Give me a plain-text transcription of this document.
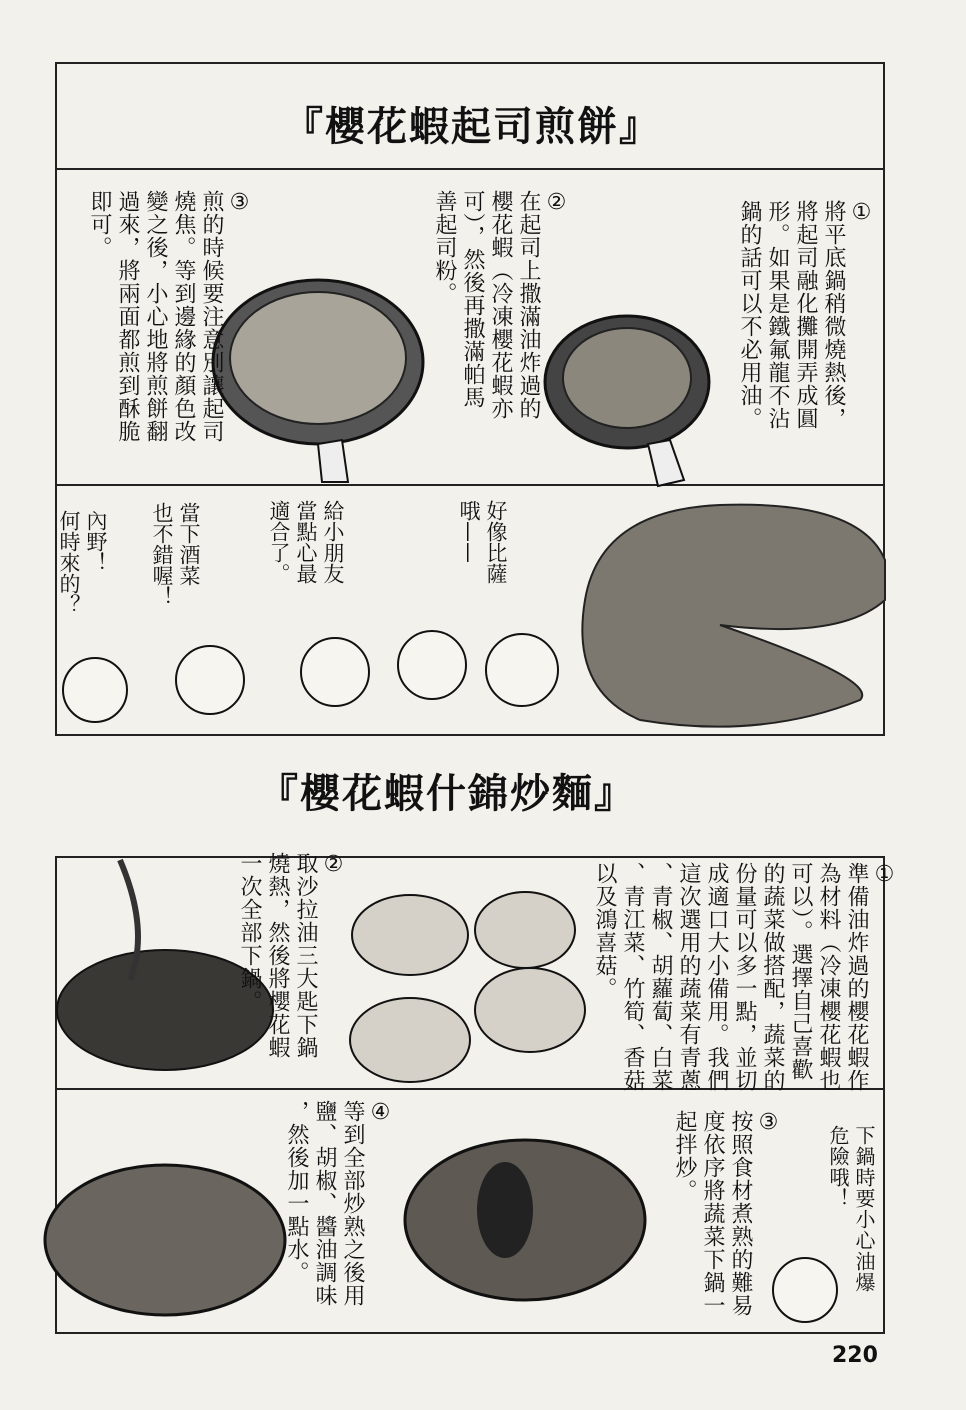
『櫻花蝦起司煎餅』
①
將平底鍋稍微燒熱後，
將起司融化攤開弄成圓
形。如果是鐵氟龍不沾
鍋的話可以不必用油。
②
在起司上撒滿油炸過的
櫻花蝦（冷凍櫻花蝦亦
可），然後再撒滿帕馬
善起司粉。
③
煎的時候要注意別讓起司
燒焦。等到邊緣的顏色改
變之後，小心地將煎餅翻
過來，將兩面都煎到酥脆
即可。
好像比薩
哦——
給小朋友
當點心最
適合了。
當下酒菜
也不錯喔！
內野！
何時來的？
『櫻花蝦什錦炒麵』
①
準備油炸過的櫻花蝦作
為材料（冷凍櫻花蝦也
可以）。選擇自己喜歡
的蔬菜做搭配，蔬菜的
份量可以多一點，並切
成適口大小備用。我們
這次選用的蔬菜有青蔥
、青椒、胡蘿蔔、白菜
、青江菜、竹筍、香菇
以及鴻喜菇。
②
取沙拉油三大匙下鍋
燒熱，然後將櫻花蝦
一次全部下鍋。
③
按照食材煮熟的難易
度依序將蔬菜下鍋一
起拌炒。
④
等到全部炒熟之後用
鹽、胡椒、醬油調味
，然後加一點水。	下鍋時要小心油爆
危險哦！
220
